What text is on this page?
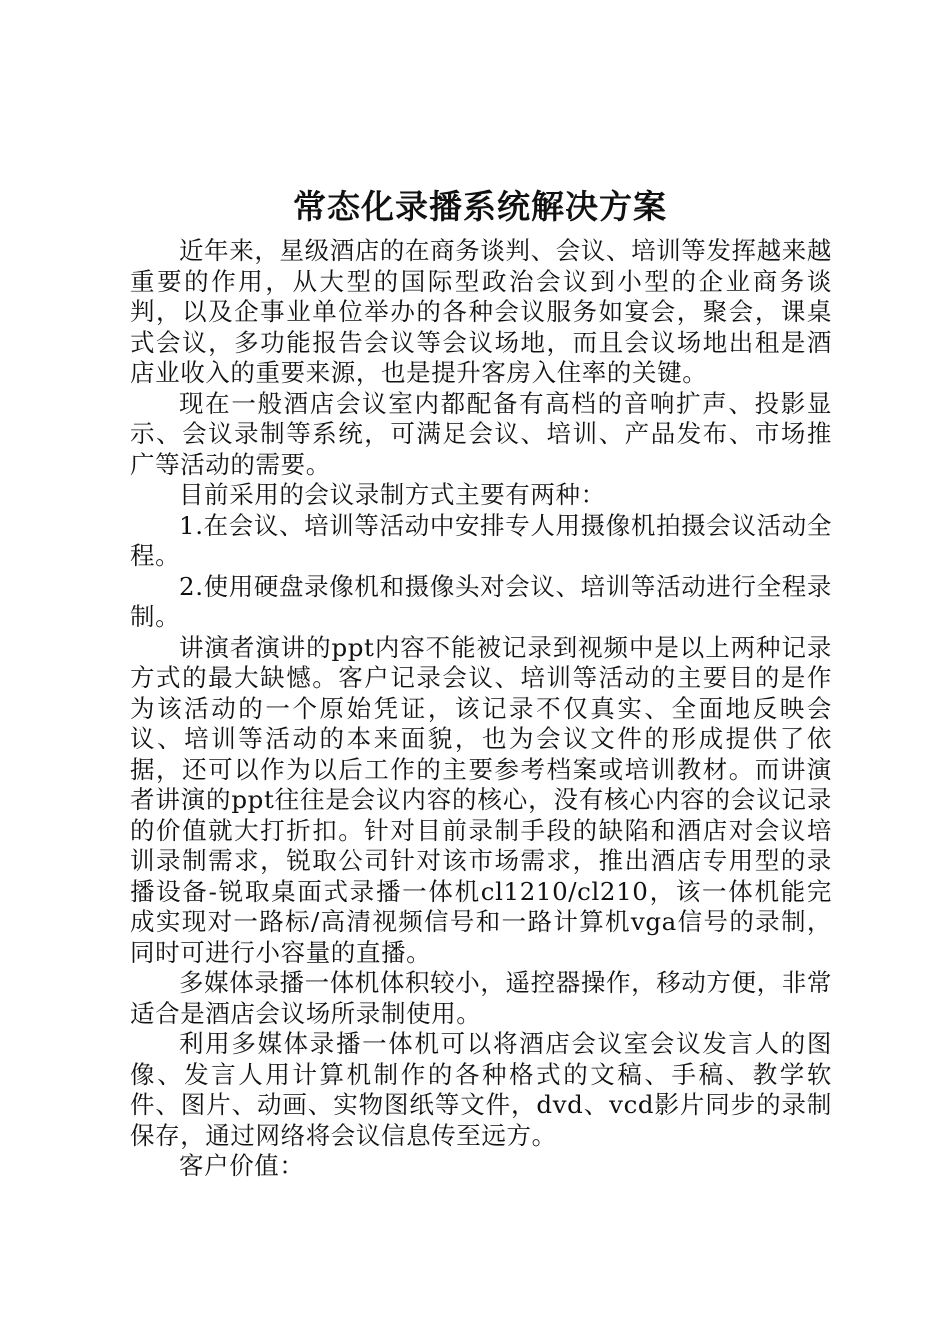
常态化录播系统解决方案

近年来，星级酒店的在商务谈判、会议、培训等发挥越来越重要的作用，从大型的国际型政治会议到小型的企业商务谈判，以及企事业单位举办的各种会议服务如宴会，聚会，课桌式会议，多功能报告会议等会议场地，而且会议场地出租是酒店业收入的重要来源，也是提升客房入住率的关键。

现在一般酒店会议室内都配备有高档的音响扩声、投影显示、会议录制等系统，可满足会议、培训、产品发布、市场推广等活动的需要。

目前采用的会议录制方式主要有两种：

1.在会议、培训等活动中安排专人用摄像机拍摄会议活动全程。

2.使用硬盘录像机和摄像头对会议、培训等活动进行全程录制。

讲演者演讲的ppt内容不能被记录到视频中是以上两种记录方式的最大缺憾。客户记录会议、培训等活动的主要目的是作为该活动的一个原始凭证，该记录不仅真实、全面地反映会议、培训等活动的本来面貌，也为会议文件的形成提供了依据，还可以作为以后工作的主要参考档案或培训教材。而讲演者讲演的ppt往往是会议内容的核心，没有核心内容的会议记录的价值就大打折扣。针对目前录制手段的缺陷和酒店对会议培训录制需求，锐取公司针对该市场需求，推出酒店专用型的录播设备-锐取桌面式录播一体机cl1210/cl210，该一体机能完成实现对一路标/高清视频信号和一路计算机vga信号的录制，同时可进行小容量的直播。

多媒体录播一体机体积较小，遥控器操作，移动方便，非常适合是酒店会议场所录制使用。

利用多媒体录播一体机可以将酒店会议室会议发言人的图像、发言人用计算机制作的各种格式的文稿、手稿、教学软件、图片、动画、实物图纸等文件，dvd、vcd影片同步的录制保存，通过网络将会议信息传至远方。

客户价值：
